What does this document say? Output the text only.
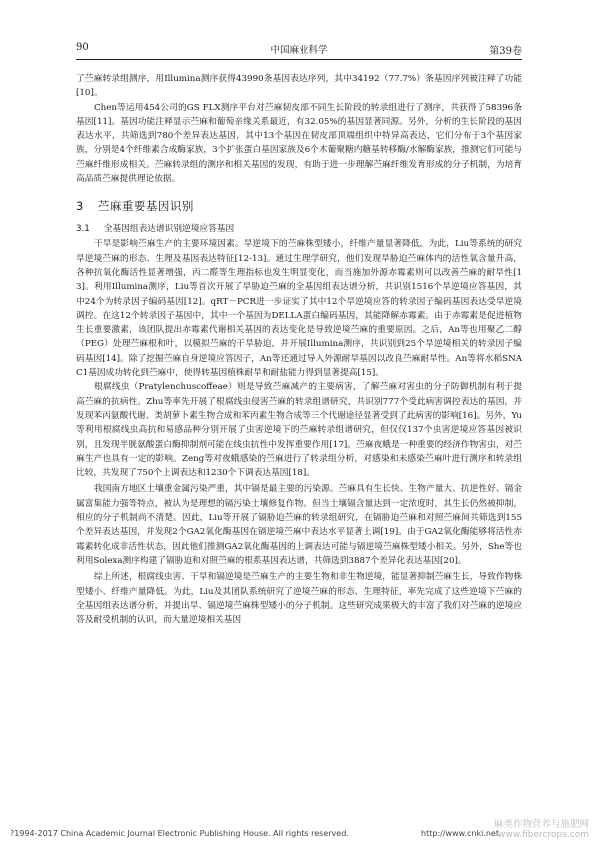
90	中国麻业科学	第39卷

了苎麻转录组测序，用Illumina测序获得43990条基因表达序列，其中34192（77.7%）条基因序列被注释了功能[10]。

Chen等运用454公司的GS FLX测序平台对苎麻韧皮部不同生长阶段的转录组进行了测序，共获得了58396条基因[11]。基因功能注释显示苎麻和葡萄亲缘关系最近，有32.05%的基因显著同源。另外，分析的生长阶段的基因表达水平，共筛选到780个差异表达基因，其中13个基因在韧皮部顶端组织中特异高表达，它们分布于3个基因家族，分别是4个纤维素合成酶家族，3个扩张蛋白基因家族及6个木葡聚糖内糖基转移酶/水解酶家族，推测它们可能与苎麻纤维形成相关。苎麻转录组的测序和相关基因的发现，有助于进一步理解苎麻纤维发育形成的分子机制，为培育高品质苎麻提供理论依据。

3 苎麻重要基因识别
3.1 全基因组表达谱识别逆境应答基因

干旱是影响苎麻生产的主要环境因素。旱逆境下的苎麻株型矮小，纤维产量显著降低。为此，Liu等系统的研究旱逆境苎麻的形态、生理及基因表达特征[12-13]。通过生理学研究，他们发现旱胁迫苎麻体内的活性氧含量升高，各种抗氧化酶活性显著增强，丙二醛等生理指标也发生明显变化，而当施加外源赤霉素则可以改善苎麻的耐旱性[13]。利用Illumina测序，Liu等首次开展了旱胁迫苎麻的全基因组表达谱分析，共识别1516个旱逆境应答基因，其中24个为转录因子编码基因[12]。qRT－PCR进一步证实了其中12个旱逆境应答的转录因子编码基因表达受旱逆境调控。在这12个转录因子基因中，其中一个基因为DELLA蛋白编码基因，其能降解赤霉素。由于赤霉素是促进植物生长重要激素，该团队提出赤霉素代谢相关基因的表达变化是导致逆境苎麻的重要原因。之后，An等也用聚乙二醇（PEG）处理苎麻根和叶，以模拟苎麻的干旱胁迫，并开展Illumina测序，共识别到25个旱逆境相关的转录因子编码基因[14]。除了挖掘苎麻自身逆境应答因子，An等还通过导入外源耐旱基因以改良苎麻耐旱性。An等将水稻SNAC1基因成功转化到苎麻中，使得转基因植株耐旱和耐盐能力得到显著提高[15]。

根腐线虫（Pratylenchuscoffeae）则是导致苎麻减产的主要病害，了解苎麻对害虫的分子防御机制有利于提高苎麻的抗病性。Zhu等率先开展了根腐线虫侵害苎麻的转录组谱研究，共识别777个受此病害调控表达的基因，并发现苯丙氨酸代谢、类胡萝卜素生物合成和苯丙素生物合成等三个代谢途径显著受到了此病害的影响[16]。另外，Yu等利用根腐线虫高抗和易感品种分别开展了虫害逆境下的苎麻转录组谱研究，但仅仅137个虫害逆境应答基因被识别，且发现半胱氨酸蛋白酶抑制剂可能在线虫抗性中发挥重要作用[17]。苎麻夜蛾是一种重要的经济作物害虫，对苎麻生产也具有一定的影响。Zeng等对夜蛾感染的苎麻进行了转录组分析，对感染和未感染苎麻叶进行测序和转录组比较，共发现了750个上调表达和1230个下调表达基因[18]。

我国南方地区土壤重金属污染严重，其中镉是最主要的污染源。苎麻具有生长快、生物产量大、抗逆性好、镉金属富集能力强等特点，被认为是理想的镉污染土壤修复作物。但当土壤镉含量达到一定浓度时，其生长仍然被抑制，相应的分子机制尚不清楚。因此，Liu等开展了镉胁迫苎麻的转录组研究，在镉胁迫苎麻和对照苎麻间共筛选到155个差异表达基因，并发现2个GA2氧化酶基因在镉逆境苎麻中表达水平显著上调[19]。由于GA2氧化酶能够将活性赤霉素转化成非活性状态，因此他们推测GA2氧化酶基因的上调表达可能与镉逆境苎麻株型矮小相关。另外，She等也利用Solexa测序构建了镉胁迫和对照苎麻的根系基因表达谱，共筛选到3887个差异化表达基因[20]。

综上所述，根腐线虫害、干旱和镉逆境是苎麻生产的主要生物和非生物逆境，能显著抑制苎麻生长，导致作物株型矮小、纤维产量降低。为此，Liu及其团队系统研究了逆境苎麻的形态、生理特征，率先完成了这些逆境下苎麻的全基因组表达谱分析，并提出旱、镉逆境苎麻株型矮小的分子机制。这些研究成果极大的丰富了我们对苎麻的逆境应答及耐受机制的认识，而大量逆境相关基因

?1994-2017 China Academic Journal Electronic Publishing House. All rights reserved.	http://www.cnki.net
麻类作物营养与施肥网
www.fibercrops.com
